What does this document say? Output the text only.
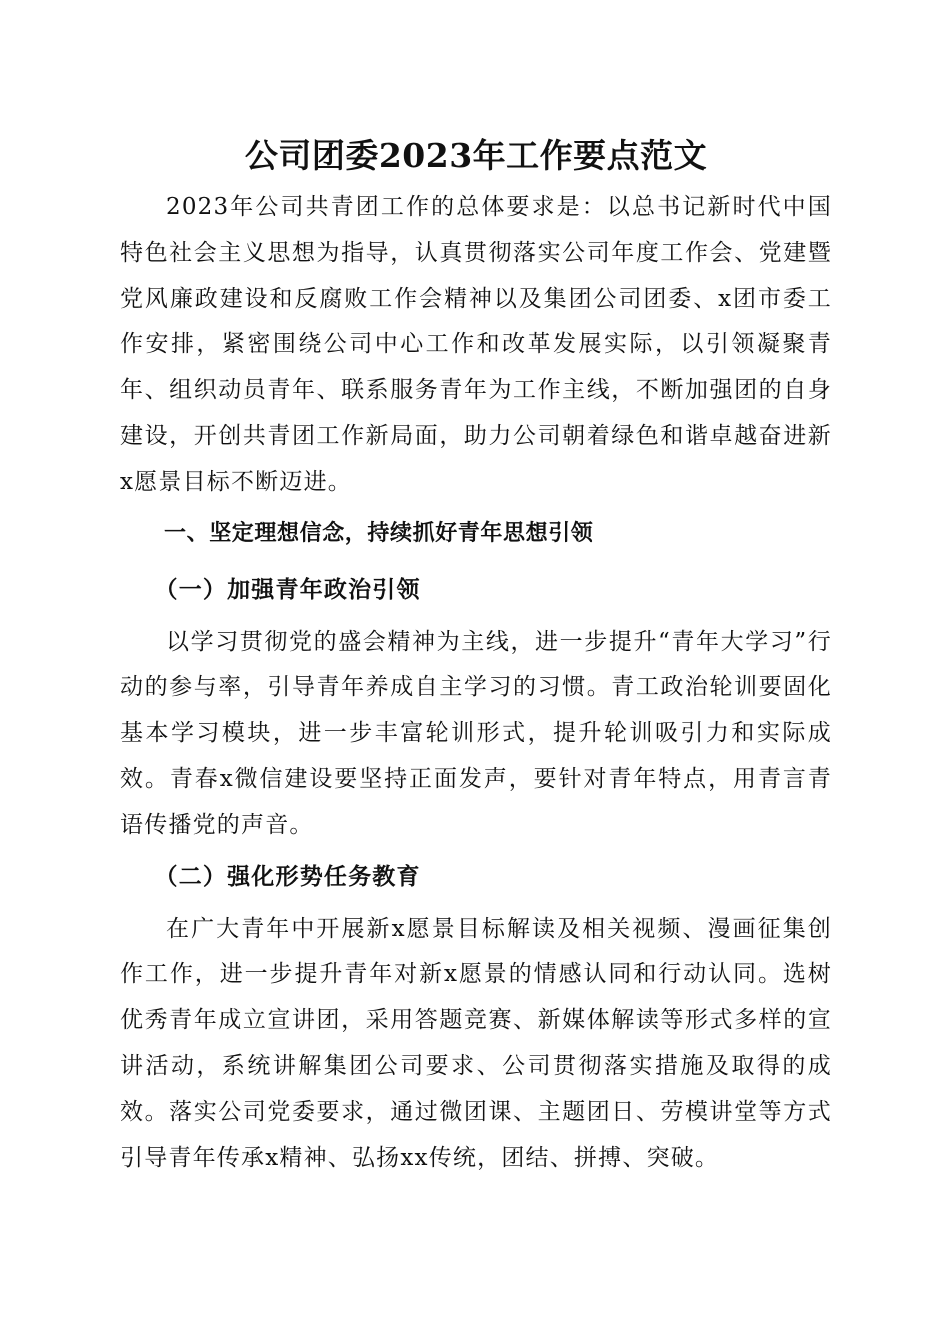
公司团委2023年工作要点范文

2023年公司共青团工作的总体要求是：以总书记新时代中国特色社会主义思想为指导，认真贯彻落实公司年度工作会、党建暨党风廉政建设和反腐败工作会精神以及集团公司团委、x团市委工作安排，紧密围绕公司中心工作和改革发展实际，以引领凝聚青年、组织动员青年、联系服务青年为工作主线，不断加强团的自身建设，开创共青团工作新局面，助力公司朝着绿色和谐卓越奋进新x愿景目标不断迈进。

一、坚定理想信念，持续抓好青年思想引领
（一）加强青年政治引领

以学习贯彻党的盛会精神为主线，进一步提升“青年大学习”行动的参与率，引导青年养成自主学习的习惯。青工政治轮训要固化基本学习模块，进一步丰富轮训形式，提升轮训吸引力和实际成效。青春x微信建设要坚持正面发声，要针对青年特点，用青言青语传播党的声音。

（二）强化形势任务教育

在广大青年中开展新x愿景目标解读及相关视频、漫画征集创作工作，进一步提升青年对新x愿景的情感认同和行动认同。选树优秀青年成立宣讲团，采用答题竞赛、新媒体解读等形式多样的宣讲活动，系统讲解集团公司要求、公司贯彻落实措施及取得的成效。落实公司党委要求，通过微团课、主题团日、劳模讲堂等方式引导青年传承x精神、弘扬xx传统，团结、拼搏、突破。
